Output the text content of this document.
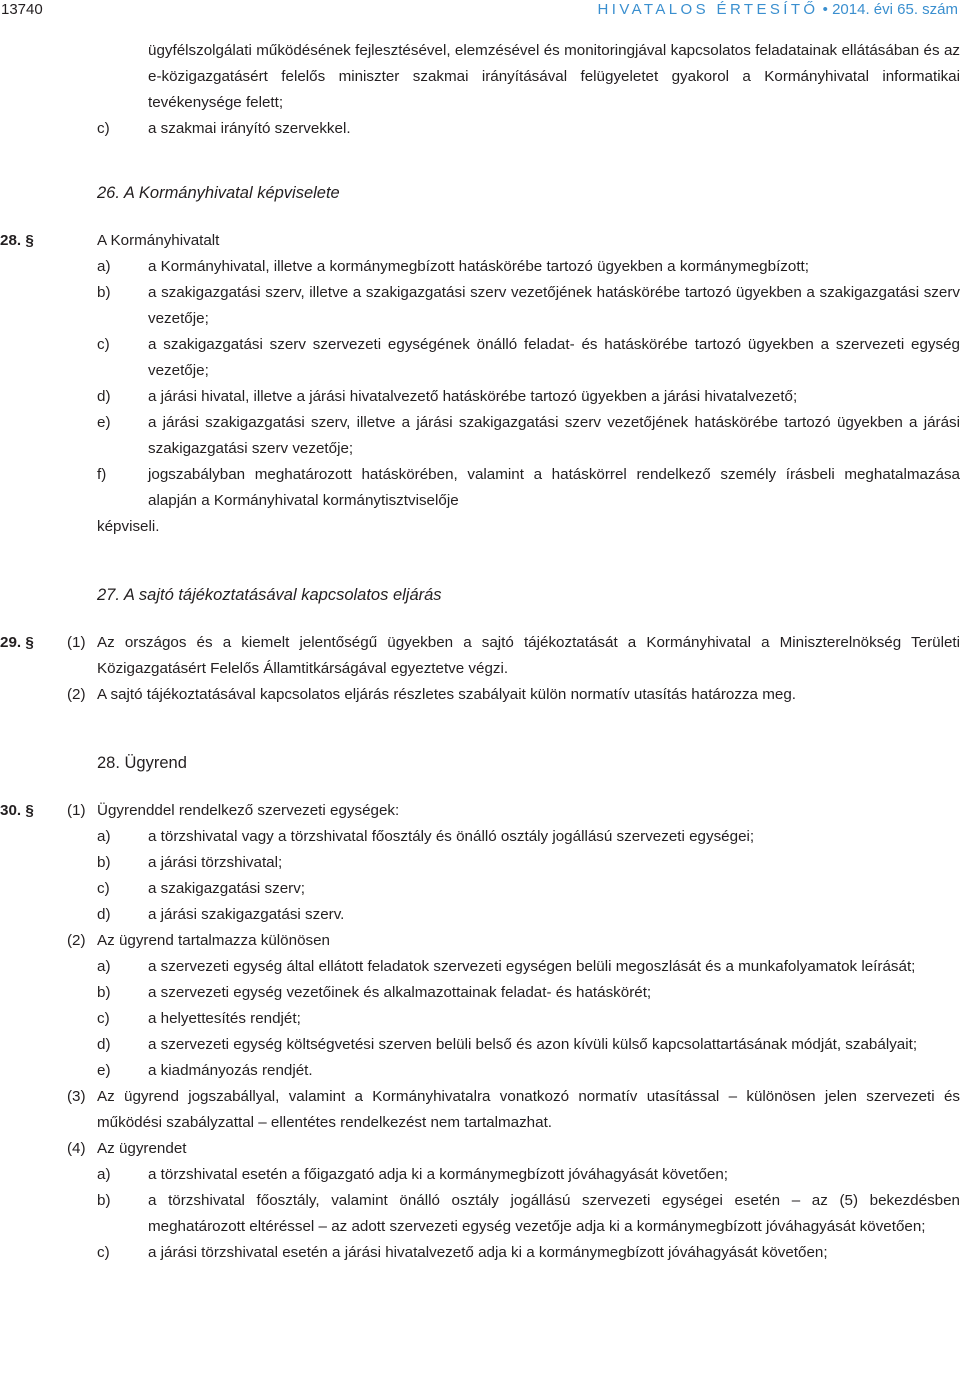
13740	HIVATALOS ÉRTESÍTŐ • 2014. évi 65. szám
ügyfélszolgálati működésének fejlesztésével, elemzésével és monitoringjával kapcsolatos feladatainak ellátásában és az e-közigazgatásért felelős miniszter szakmai irányításával felügyeletet gyakorol a Kormányhivatal informatikai tevékenysége felett;
c)	a szakmai irányító szervekkel.
26. A Kormányhivatal képviselete
28. §	A Kormányhivatalt
a) a Kormányhivatal, illetve a kormánymegbízott hatáskörébe tartozó ügyekben a kormánymegbízott;
b) a szakigazgatási szerv, illetve a szakigazgatási szerv vezetőjének hatáskörébe tartozó ügyekben a szakigazgatási szerv vezetője;
c)	a szakigazgatási szerv szervezeti egységének önálló feladat- és hatáskörébe tartozó ügyekben a szervezeti egység vezetője;
d) a járási hivatal, illetve a járási hivatalvezető hatáskörébe tartozó ügyekben a járási hivatalvezető;
e) a járási szakigazgatási szerv, illetve a járási szakigazgatási szerv vezetőjének hatáskörébe tartozó ügyekben a járási szakigazgatási szerv vezetője;
f)	jogszabályban meghatározott hatáskörében, valamint a hatáskörrel rendelkező személy írásbeli meghatalmazása alapján a Kormányhivatal kormánytisztviselője
képviseli.
27. A sajtó tájékoztatásával kapcsolatos eljárás
29. § (1) Az országos és a kiemelt jelentőségű ügyekben a sajtó tájékoztatását a Kormányhivatal a Miniszterelnökség Területi Közigazgatásért Felelős Államtitkárságával egyeztetve végzi.
(2) A sajtó tájékoztatásával kapcsolatos eljárás részletes szabályait külön normatív utasítás határozza meg.
28. Ügyrend
30. § (1) Ügyrenddel rendelkező szervezeti egységek:
a) a törzshivatal vagy a törzshivatal főosztály és önálló osztály jogállású szervezeti egységei;
b) a járási törzshivatal;
c)	a szakigazgatási szerv;
d) a járási szakigazgatási szerv.
(2) Az ügyrend tartalmazza különösen
a) a szervezeti egység által ellátott feladatok szervezeti egységen belüli megoszlását és a munkafolyamatok leírását;
b) a szervezeti egység vezetőinek és alkalmazottainak feladat- és hatáskörét;
c)	a helyettesítés rendjét;
d) a szervezeti egység költségvetési szerven belüli belső és azon kívüli külső kapcsolattartásának módját, szabályait;
e) a kiadmányozás rendjét.
(3) Az ügyrend jogszabállyal, valamint a Kormányhivatalra vonatkozó normatív utasítással – különösen jelen szervezeti és működési szabályzattal – ellentétes rendelkezést nem tartalmazhat.
(4) Az ügyrendet
a) a törzshivatal esetén a főigazgató adja ki a kormánymegbízott jóváhagyását követően;
b) a törzshivatal főosztály, valamint önálló osztály jogállású szervezeti egységei esetén – az (5) bekezdésben meghatározott eltéréssel – az adott szervezeti egység vezetője adja ki a kormánymegbízott jóváhagyását követően;
c)	a járási törzshivatal esetén a járási hivatalvezető adja ki a kormánymegbízott jóváhagyását követően;
